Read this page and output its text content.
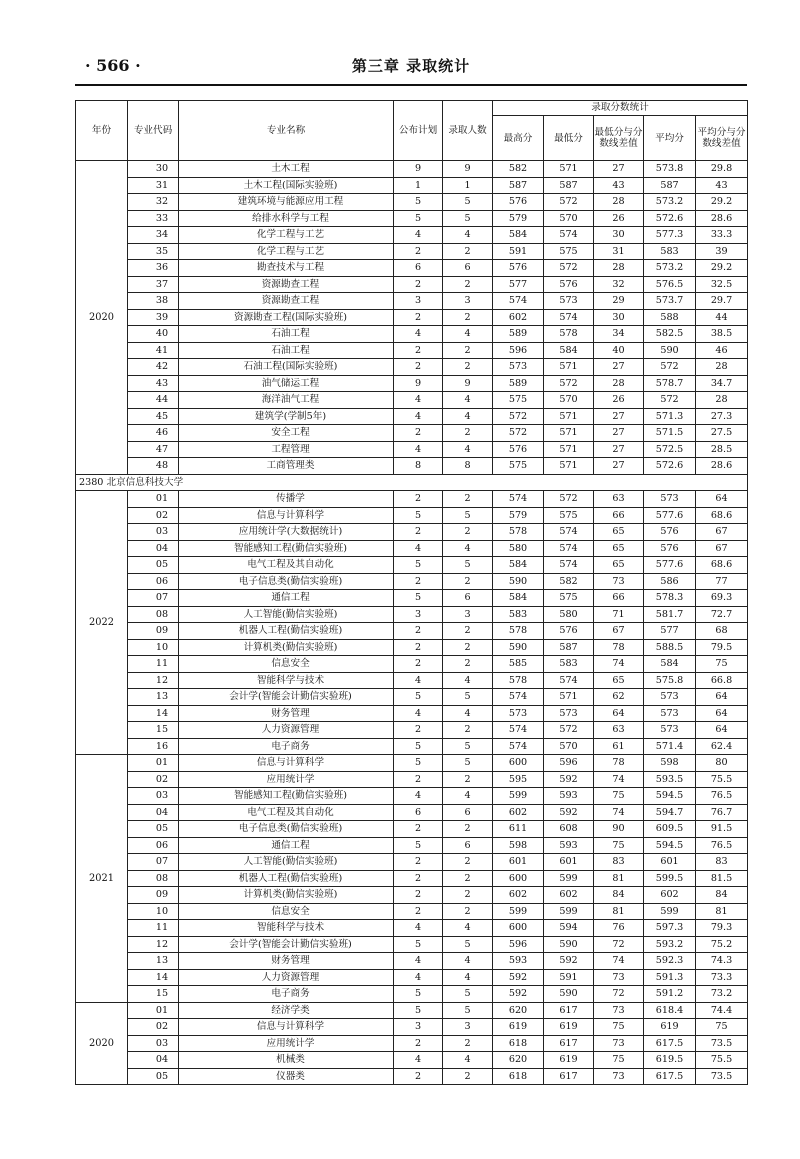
· 566 ·	第三章 录取统计
年份	专业代码	专业名称	公布计划	录取人数	录取分数统计				
					最高分	最低分	最低分与分数线差值	平均分	平均分与分数线差值
2020	30	土木工程	9	9	582	571	27	573.8	29.8
	31	土木工程(国际实验班)	1	1	587	587	43	587	43
	32	建筑环境与能源应用工程	5	5	576	572	28	573.2	29.2
	33	给排水科学与工程	5	5	579	570	26	572.6	28.6
	34	化学工程与工艺	4	4	584	574	30	577.3	33.3
	35	化学工程与工艺	2	2	591	575	31	583	39
	36	勘查技术与工程	6	6	576	572	28	573.2	29.2
	37	资源勘查工程	2	2	577	576	32	576.5	32.5
	38	资源勘查工程	3	3	574	573	29	573.7	29.7
	39	资源勘查工程(国际实验班)	2	2	602	574	30	588	44
	40	石油工程	4	4	589	578	34	582.5	38.5
	41	石油工程	2	2	596	584	40	590	46
	42	石油工程(国际实验班)	2	2	573	571	27	572	28
	43	油气储运工程	9	9	589	572	28	578.7	34.7
	44	海洋油气工程	4	4	575	570	26	572	28
	45	建筑学(学制5年)	4	4	572	571	27	571.3	27.3
	46	安全工程	2	2	572	571	27	571.5	27.5
	47	工程管理	4	4	576	571	27	572.5	28.5
	48	工商管理类	8	8	575	571	27	572.6	28.6
2380 北京信息科技大学									
2022	01	传播学	2	2	574	572	63	573	64
	02	信息与计算科学	5	5	579	575	66	577.6	68.6
	03	应用统计学(大数据统计)	2	2	578	574	65	576	67
	04	智能感知工程(勤信实验班)	4	4	580	574	65	576	67
	05	电气工程及其自动化	5	5	584	574	65	577.6	68.6
	06	电子信息类(勤信实验班)	2	2	590	582	73	586	77
	07	通信工程	5	6	584	575	66	578.3	69.3
	08	人工智能(勤信实验班)	3	3	583	580	71	581.7	72.7
	09	机器人工程(勤信实验班)	2	2	578	576	67	577	68
	10	计算机类(勤信实验班)	2	2	590	587	78	588.5	79.5
	11	信息安全	2	2	585	583	74	584	75
	12	智能科学与技术	4	4	578	574	65	575.8	66.8
	13	会计学(智能会计勤信实验班)	5	5	574	571	62	573	64
	14	财务管理	4	4	573	573	64	573	64
	15	人力资源管理	2	2	574	572	63	573	64
	16	电子商务	5	5	574	570	61	571.4	62.4
2021	01	信息与计算科学	5	5	600	596	78	598	80
	02	应用统计学	2	2	595	592	74	593.5	75.5
	03	智能感知工程(勤信实验班)	4	4	599	593	75	594.5	76.5
	04	电气工程及其自动化	6	6	602	592	74	594.7	76.7
	05	电子信息类(勤信实验班)	2	2	611	608	90	609.5	91.5
	06	通信工程	5	6	598	593	75	594.5	76.5
	07	人工智能(勤信实验班)	2	2	601	601	83	601	83
	08	机器人工程(勤信实验班)	2	2	600	599	81	599.5	81.5
	09	计算机类(勤信实验班)	2	2	602	602	84	602	84
	10	信息安全	2	2	599	599	81	599	81
	11	智能科学与技术	4	4	600	594	76	597.3	79.3
	12	会计学(智能会计勤信实验班)	5	5	596	590	72	593.2	75.2
	13	财务管理	4	4	593	592	74	592.3	74.3
	14	人力资源管理	4	4	592	591	73	591.3	73.3
	15	电子商务	5	5	592	590	72	591.2	73.2
2020	01	经济学类	5	5	620	617	73	618.4	74.4
	02	信息与计算科学	3	3	619	619	75	619	75
	03	应用统计学	2	2	618	617	73	617.5	73.5
	04	机械类	4	4	620	619	75	619.5	75.5
	05	仪器类	2	2	618	617	73	617.5	73.5
